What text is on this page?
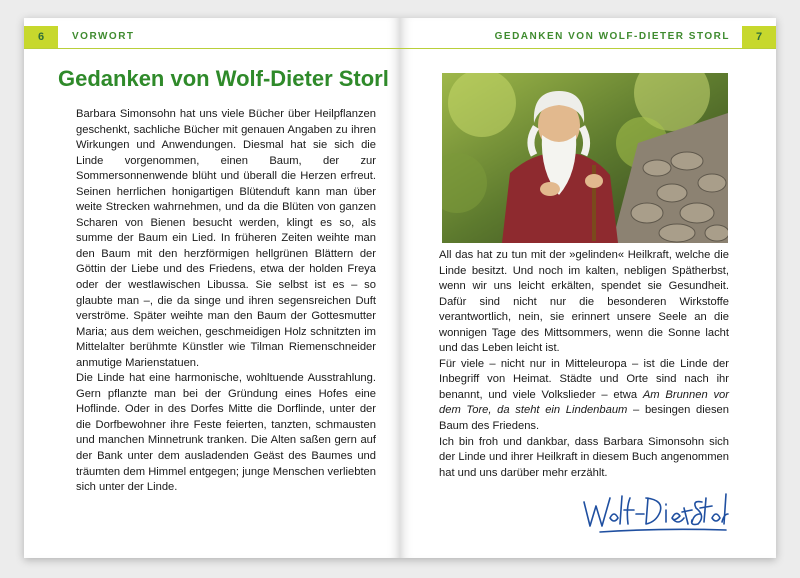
6	VORWORT
Gedanken von Wolf-Dieter Storl

Barbara Simonsohn hat uns viele Bücher über Heilpflanzen geschenkt, sachliche Bücher mit genauen Angaben zu ihren Wirkungen und Anwendungen. Diesmal hat sie sich die Linde vorgenommen, einen Baum, der zur Sommersonnenwende blüht und überall die Herzen erfreut. Seinen herrlichen honigartigen Blütenduft kann man über weite Strecken wahrnehmen, und da die Blüten von ganzen Scharen von Bienen besucht werden, klingt es so, als summe der Baum ein Lied. In früheren Zeiten weihte man den Baum mit den herzförmigen hellgrünen Blättern der Göttin der Liebe und des Friedens, etwa der holden Freya oder der westlawischen Libussa. Sie selbst ist es – so glaubte man –, die da singe und ihren segensreichen Duft verströme. Später weihte man den Baum der Gottesmutter Maria; aus dem weichen, geschmeidigen Holz schnitzten im Mittelalter berühmte Künstler wie Tilman Riemenschneider anmutige Marienstatuen.

Die Linde hat eine harmonische, wohltuende Ausstrahlung. Gern pflanzte man bei der Gründung eines Hofes eine Hoflinde. Oder in des Dorfes Mitte die Dorflinde, unter der die Dorfbewohner ihre Feste feierten, tanzten, schmausten und manchen Minnetrunk tranken. Die Alten saßen gern auf der Bank unter dem ausladenden Geäst des Baumes und träumten dem Himmel entgegen; junge Menschen verliebten sich unter der Linde.

GEDANKEN VON WOLF-DIETER STORL	7

All das hat zu tun mit der »gelinden« Heilkraft, welche die Linde besitzt. Und noch im kalten, nebligen Spätherbst, wenn wir uns leicht erkälten, spendet sie Gesundheit. Dafür sind nicht nur die besonderen Wirkstoffe verantwortlich, nein, sie erinnert unsere Seele an die wonnigen Tage des Mittsommers, wenn die Sonne lacht und das Leben leicht ist.

Für viele – nicht nur in Mitteleuropa – ist die Linde der Inbegriff von Heimat. Städte und Orte sind nach ihr benannt, und viele Volkslieder – etwa Am Brunnen vor dem Tore, da steht ein Lindenbaum – besingen diesen Baum des Friedens.

Ich bin froh und dankbar, dass Barbara Simonsohn sich der Linde und ihrer Heilkraft in diesem Buch angenommen hat und uns darüber mehr erzählt.
